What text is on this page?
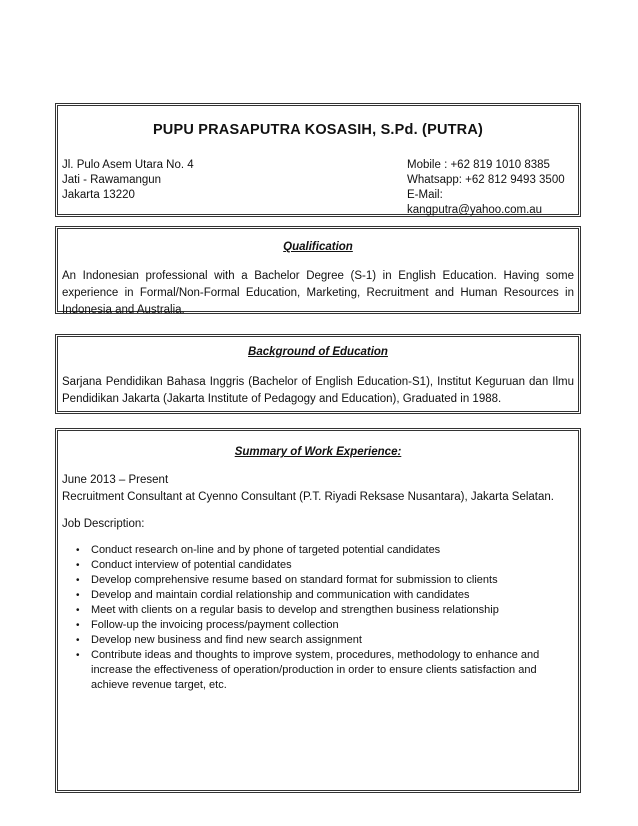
PUPU PRASAPUTRA KOSASIH, S.Pd. (PUTRA)

Jl. Pulo Asem Utara No. 4
Jati - Rawamangun
Jakarta 13220
Mobile : +62 819 1010 8385
Whatsapp: +62 812 9493 3500
E-Mail: kangputra@yahoo.com.au

Qualification

An Indonesian professional with a Bachelor Degree (S-1) in English Education. Having some experience in Formal/Non-Formal Education, Marketing, Recruitment and Human Resources in Indonesia and Australia.

Background of Education

Sarjana Pendidikan Bahasa Inggris (Bachelor of English Education-S1), Institut Keguruan dan Ilmu Pendidikan Jakarta (Jakarta Institute of Pedagogy and Education), Graduated in 1988.

Summary of Work Experience:

June 2013 – Present

Recruitment Consultant at Cyenno Consultant (P.T. Riyadi Reksase Nusantara), Jakarta Selatan.

Job Description:

• Conduct research on-line and by phone of targeted potential candidates
• Conduct interview of potential candidates
• Develop comprehensive resume based on standard format for submission to clients
• Develop and maintain cordial relationship and communication with candidates
• Meet with clients on a regular basis to develop and strengthen business relationship
• Follow-up the invoicing process/payment collection
• Develop new business and find new search assignment
• Contribute ideas and thoughts to improve system, procedures, methodology to enhance and increase the effectiveness of operation/production in order to ensure clients satisfaction and achieve revenue target, etc.
